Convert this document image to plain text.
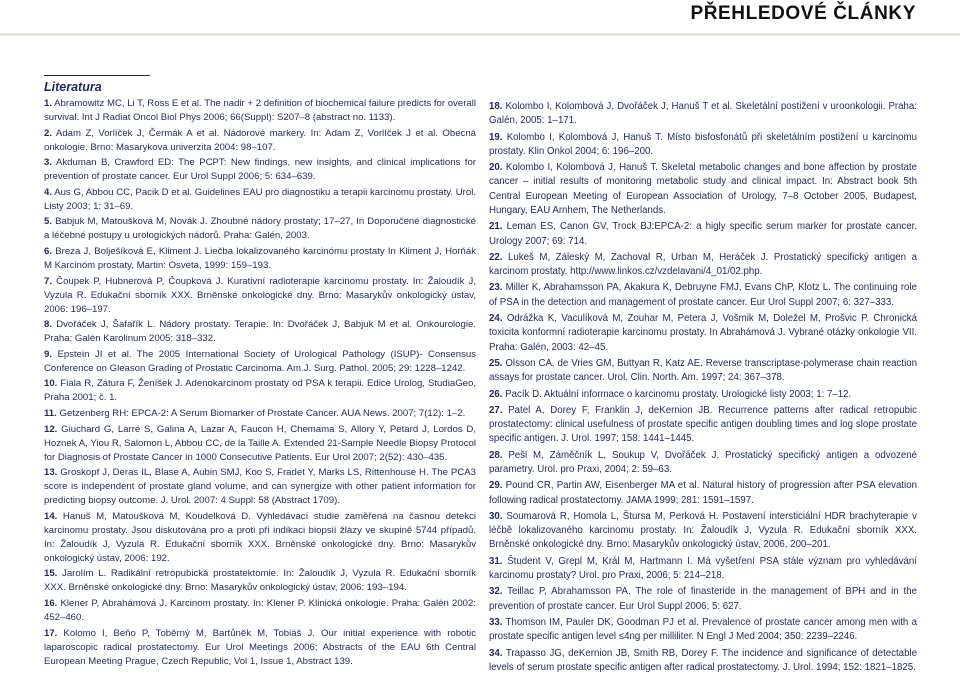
PŘEHLEDOVÉ ČLÁNKY
Literatura

1. Abramowitz MC, Li T, Ross E et al. The nadir + 2 definition of biochemical failure predicts for overall survival. Int J Radiat Oncol Biol Phys 2006; 66(Suppl): S207–8 (abstract no. 1133).

2. Adam Z, Vorlíček J, Čermák A et al. Nádorové markery. In: Adam Z, Vorlíček J et al. Obecná onkologie. Brno: Masarykova univerzita 2004: 98–107.

3. Akduman B, Crawford ED: The PCPT: New findings, new insights, and clinical implications for prevention of prostate cancer. Eur Urol Suppl 2006; 5: 634–639.

4. Aus G, Abbou CC, Pacik D et al. Guidelines EAU pro diagnostiku a terapii karcinomu prostaty. Urol. Listy 2003; 1: 31–69.

5. Babjuk M, Matoušková M, Novák J. Zhoubné nádory prostaty; 17–27, In Doporučené diagnostické a léčebné postupy u urologických nádorů. Praha: Galén, 2003.

6. Breza J, Bolješíková E, Kliment J. Liečba lokalizovaného karcinómu prostaty In Kliment J, Horňák M Karcinóm prostaty, Martin: Osveta, 1999: 159–193.

7. Čoupek P, Hubnerová P, Čoupková J. Kurativní radioterapie karcinomu prostaty. In: Žaloudík J, Vyzula R. Edukační sborník XXX. Brněnské onkologické dny. Brno: Masarykův onkologický ústav, 2006: 196–197.

8. Dvořáček J, Šafařík L. Nádory prostaty. Terapie. In: Dvořáček J, Babjuk M et al. Onkourologie. Praha: Galén Karolinum 2005: 318–332.

9. Epstein JI et al. The 2005 International Society of Urological Pathology (ISUP)- Consensus Conference on Gleason Grading of Prostatic Carcinoma. Am.J. Surg. Pathol. 2005; 29: 1228–1242.

10. Fiala R, Zátura F, Ženíšek J. Adenokarcinom prostaty od PSA k terapii. Edice Urolog, StudiaGeo, Praha 2001; č. 1.

11. Getzenberg RH: EPCA-2: A Serum Biomarker of Prostate Cancer. AUA News. 2007; 7(12): 1–2.

12. Giuchard G, Larré S, Galina A, Lazar A, Faucon H, Chemama S, Allory Y, Petard J, Lordos D, Hoznek A, Yiou R, Salomon L, Abbou CC, de la Taille A. Extended 21-Sample Needle Biopsy Protocol for Diagnosis of Prostate Cancer in 1000 Consecutive Patients. Eur Urol 2007; 2(52): 430–435.

13. Groskopf J, Deras IL, Blase A, Aubin SMJ, Koo S, Fradet Y, Marks LS, Rittenhouse H. The PCA3 score is independent of prostate gland volume, and can synergize with other patient information for predicting biopsy outcome. J. Urol. 2007: 4 Suppl: 58 (Abstract 1709).

14. Hanuš M, Matoušková M, Koudelková D. Vyhledávací studie zaměřená na časnou detekci karcinomu prostaty. Jsou diskutována pro a proti při indikaci biopsií žlázy ve skupině 5744 případů. In: Žaloudík J, Vyzula R. Edukační sborník XXX. Brněnské onkologické dny. Brno: Masarykův onkologický ústav, 2006: 192.

15. Jarolím L. Radikální retropubická prostatektomie. In: Žaloudík J, Vyzula R. Edukační sborník XXX. Brněnské onkologické dny. Brno: Masarykův onkologický ústav, 2006: 193–194.

16. Klener P, Abrahámová J. Karcinom prostaty. In: Klener P. Klinická onkologie. Praha: Galén 2002: 452–460.

17. Kolomo I, Beňo P, Toběrný M, Bartůněk M, Tobiáš J. Our initial experience with robotic laparoscopic radical prostatectomy. Eur Urol Meetings 2006; Abstracts of the EAU 6th Central European Meeting Prague, Czech Republic, Vol 1, Issue 1, Abstract 139.

18. Kolombo I, Kolombová J, Dvořáček J, Hanuš T et al. Skeletální postižení v uroonkologii. Praha: Galén, 2005: 1–171.

19. Kolombo I, Kolombová J, Hanuš T. Místo bisfosfonátů při skeletálním postižení u karcinomu prostaty. Klin Onkol 2004; 6: 196–200.

20. Kolombo I, Kolombová J, Hanuš T. Skeletal metabolic changes and bone affection by prostate cancer – initial results of monitoring metabolic study and clinical impact. In: Abstract book 5th Central European Meeting of European Association of Urology, 7–8 October 2005, Budapest, Hungary, EAU Arnhem, The Netherlands.

21. Leman ES, Canon GV, Trock BJ:EPCA-2: a higly specific serum marker for prostate cancer. Urology 2007; 69: 714.

22. Lukeš M, Záleský M, Zachoval R, Urban M, Heráček J. Prostatický specifický antigen a karcinom prostaty. http://www.linkos.cz/vzdelavani/4_01/02.php.

23. Miller K, Abrahamsson PA, Akakura K, Debruyne FMJ, Evans ChP, Klotz L. The continuing role of PSA in the detection and management of prostate cancer. Eur Urol Suppl 2007; 6: 327–333.

24. Odrážka K, Vaculíková M, Zouhar M, Petera J, Vošmik M, Doležel M, Prošvic P. Chronická toxicita konformní radioterapie karcinomu prostaty. In Abrahámová J. Vybrané otázky onkologie VII. Praha: Galén, 2003: 42–45.

25. Olsson CA, de Vries GM, Buttyan R, Katz AE. Reverse transcriptase-polymerase chain reaction assays for prostate cancer. Urol. Clin. North. Am. 1997; 24: 367–378.

26. Pacík D. Aktuální informace o karcinomu prostaty. Urologické listy 2003; 1: 7–12.

27. Patel A, Dorey F, Franklin J, deKernion JB. Recurrence patterns after radical retropubic prostatectomy: clinical usefulness of prostate specific antigen doubling times and log slope prostate specific antigen. J. Urol. 1997; 158: 1441–1445.

28. Pešl M, Záměčník L, Soukup V, Dvořáček J. Prostatický specifický antigen a odvozené parametry. Urol. pro Praxi, 2004; 2: 59–63.

29. Pound CR, Partin AW, Eisenberger MA et al. Natural history of progression after PSA elevation following radical prostatectomy. JAMA 1999; 281: 1591–1597.

30. Soumarová R, Homola L, Štursa M, Perková H. Postavení intersticiální HDR brachyterapie v léčbě lokalizovaného karcinomu prostaty. In: Žaloudík J, Vyzula R. Edukační sborník XXX. Brněnské onkologické dny. Brno: Masarykův onkologický ústav, 2006, 200–201.

31. Študent V, Grepl M, Král M, Hartmann I. Má vyšetření PSA stále význam pro vyhledávání karcinomu prostaty? Urol. pro Praxi, 2006; 5: 214–218.

32. Teillac P, Abrahamsson PA. The role of finasteride in the management of BPH and in the prevention of prostate cancer. Eur Urol Suppl 2006; 5: 627.

33. Thomson IM, Pauler DK, Goodman PJ et al. Prevalence of prostate cancer among men with a prostate specific antigen level ≤4ng per milliliter. N Engl J Med 2004; 350: 2239–2246.

34. Trapasso JG, deKernion JB, Smith RB, Dorey F. The incidence and significance of detectable levels of serum prostate specific antigen after radical prostatectomy. J. Urol. 1994; 152: 1821–1825.
